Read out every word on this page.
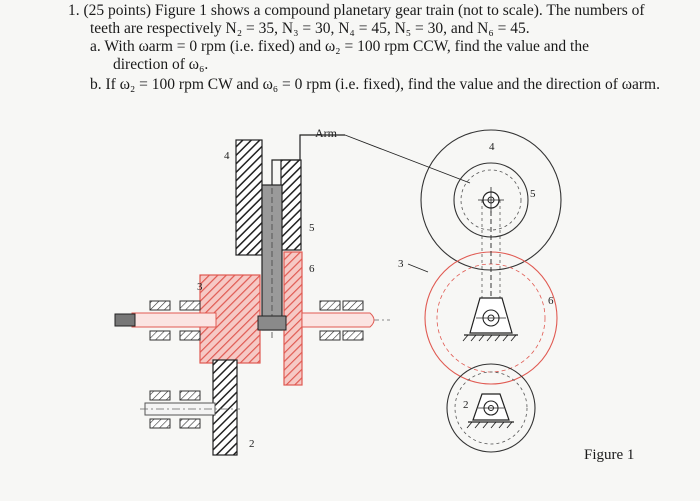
1. (25 points) Figure 1 shows a compound planetary gear train (not to scale). The numbers of
teeth are respectively N₂ = 35, N₃ = 30, N₄ = 45, N₅ = 30, and N₆ = 45.
a. With ωarm = 0 rpm (i.e. fixed) and ω₂ = 100 rpm CCW, find the value and the
direction of ω₆.
b. If ω₂ = 100 rpm CW and ω₆ = 0 rpm (i.e. fixed), find the value and the direction of ωarm.
4
5
6
3
2
Arm
4
5
3
6
2
Figure 1
